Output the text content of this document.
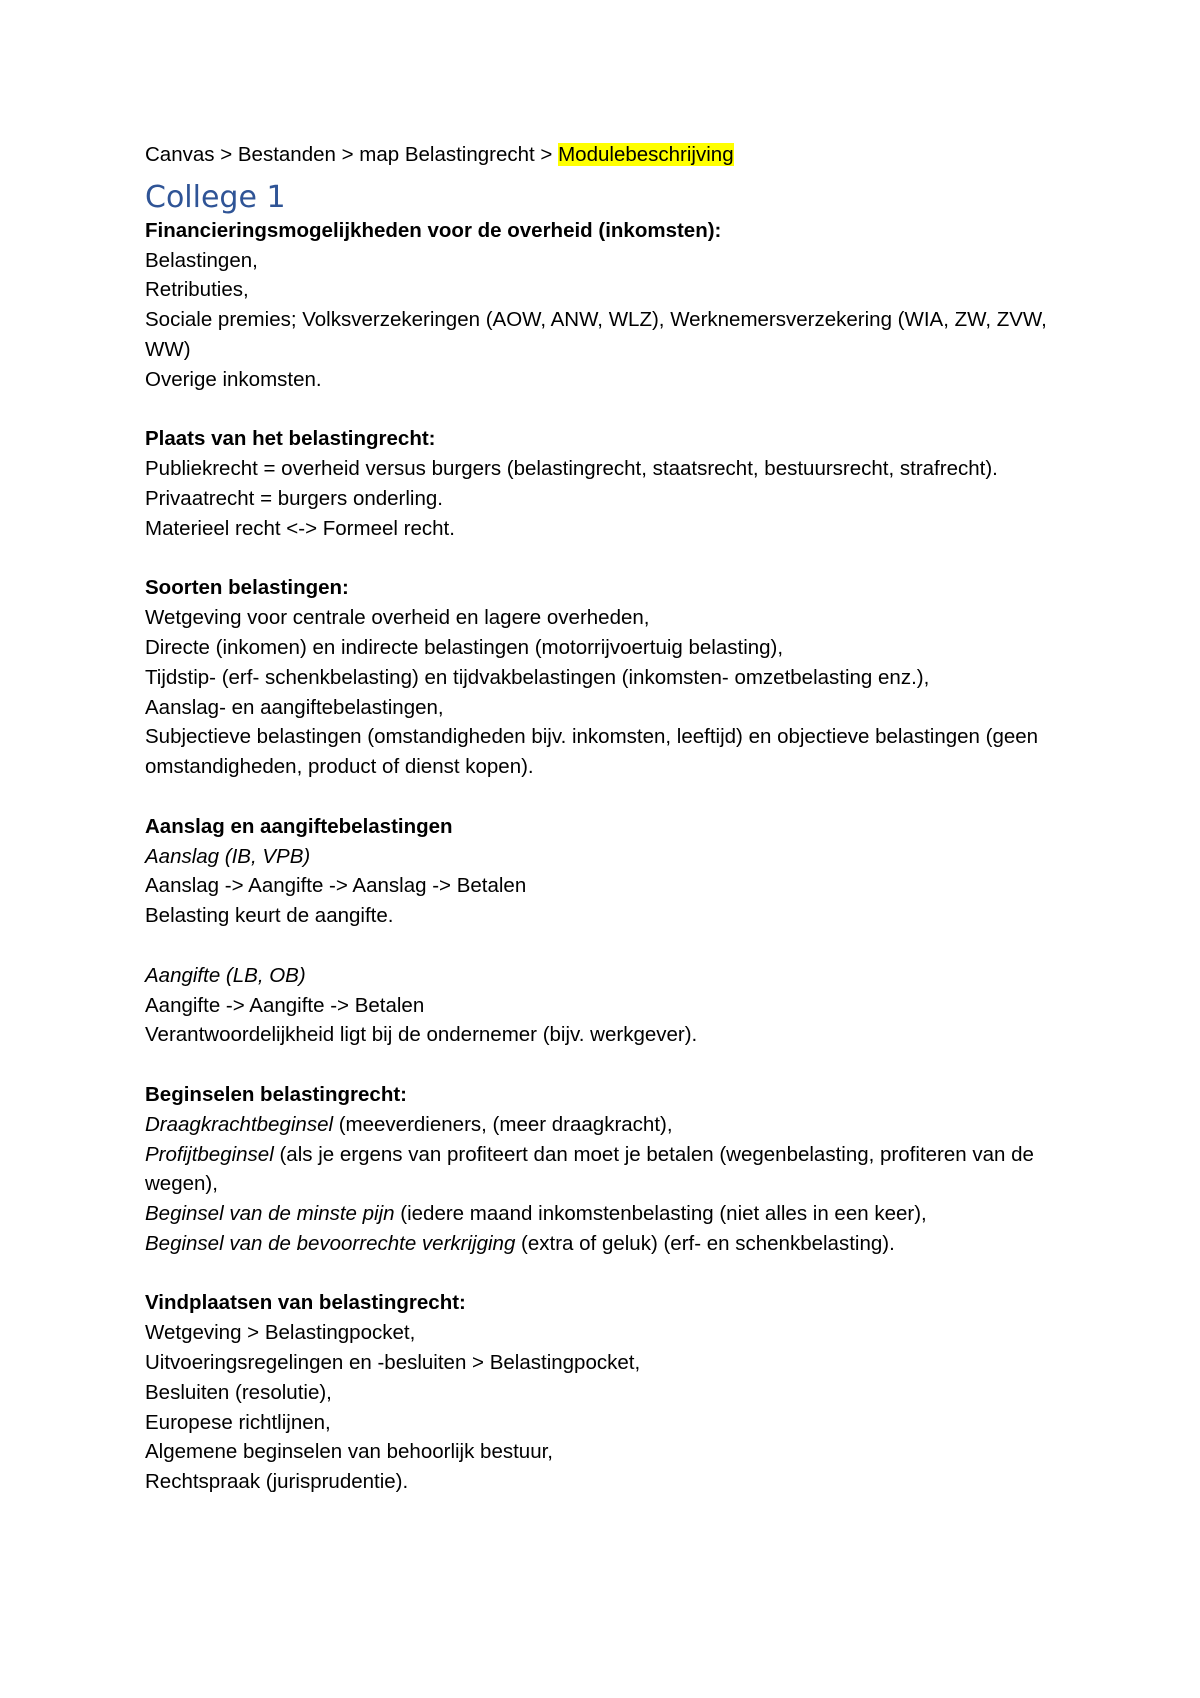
Canvas > Bestanden > map Belastingrecht > Modulebeschrijving

College 1

Financieringsmogelijkheden voor de overheid (inkomsten):

Belastingen,

Retributies,

Sociale premies; Volksverzekeringen (AOW, ANW, WLZ), Werknemersverzekering (WIA, ZW, ZVW, WW)

Overige inkomsten.

Plaats van het belastingrecht:

Publiekrecht = overheid versus burgers (belastingrecht, staatsrecht, bestuursrecht, strafrecht).

Privaatrecht = burgers onderling.

Materieel recht <-> Formeel recht.

Soorten belastingen:

Wetgeving voor centrale overheid en lagere overheden,

Directe (inkomen) en indirecte belastingen (motorrijvoertuig belasting),

Tijdstip- (erf- schenkbelasting) en tijdvakbelastingen (inkomsten- omzetbelasting enz.),

Aanslag- en aangiftebelastingen,

Subjectieve belastingen (omstandigheden bijv. inkomsten, leeftijd) en objectieve belastingen (geen omstandigheden, product of dienst kopen).

Aanslag en aangiftebelastingen

Aanslag (IB, VPB)

Aanslag -> Aangifte -> Aanslag -> Betalen

Belasting keurt de aangifte.

Aangifte (LB, OB)

Aangifte -> Aangifte -> Betalen

Verantwoordelijkheid ligt bij de ondernemer (bijv. werkgever).

Beginselen belastingrecht:

Draagkrachtbeginsel (meeverdieners, (meer draagkracht),

Profijtbeginsel (als je ergens van profiteert dan moet je betalen (wegenbelasting, profiteren van de wegen),

Beginsel van de minste pijn (iedere maand inkomstenbelasting (niet alles in een keer),

Beginsel van de bevoorrechte verkrijging (extra of geluk) (erf- en schenkbelasting).

Vindplaatsen van belastingrecht:

Wetgeving > Belastingpocket,

Uitvoeringsregelingen en -besluiten > Belastingpocket,

Besluiten (resolutie),

Europese richtlijnen,

Algemene beginselen van behoorlijk bestuur,

Rechtspraak (jurisprudentie).
